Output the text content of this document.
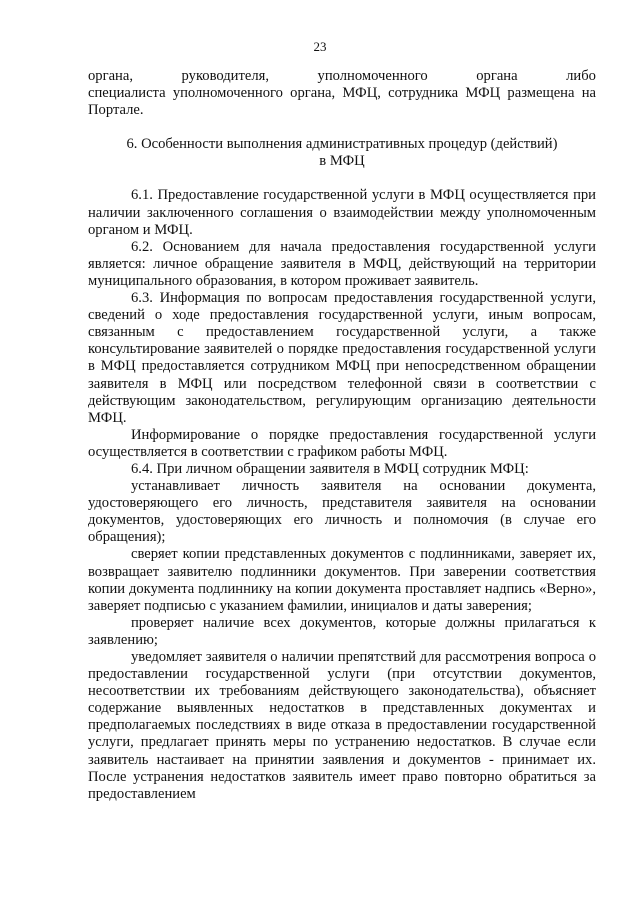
23
органа,	руководителя,	уполномоченного	органа	либо

специалиста уполномоченного органа, МФЦ, сотрудника МФЦ размещена на Портале.

6. Особенности выполнения административных процедур (действий)
в МФЦ

6.1. Предоставление государственной услуги в МФЦ осуществляется при наличии заключенного соглашения о взаимодействии между уполномоченным органом и МФЦ.

6.2. Основанием для начала предоставления государственной услуги является: личное обращение заявителя в МФЦ, действующий на территории муниципального образования, в котором проживает заявитель.

6.3. Информация по вопросам предоставления государственной услуги, сведений о ходе предоставления государственной услуги, иным вопросам, связанным с предоставлением государственной услуги, а также консультирование заявителей о порядке предоставления государственной услуги в МФЦ предоставляется сотрудником МФЦ при непосредственном обращении заявителя в МФЦ или посредством телефонной связи в соответствии с действующим законодательством, регулирующим организацию деятельности МФЦ.

Информирование о порядке предоставления государственной услуги осуществляется в соответствии с графиком работы МФЦ.

6.4. При личном обращении заявителя в МФЦ сотрудник МФЦ:

устанавливает личность заявителя на основании документа, удостоверяющего его личность, представителя заявителя на основании документов, удостоверяющих его личность и полномочия (в случае его обращения);

сверяет копии представленных документов с подлинниками, заверяет их, возвращает заявителю подлинники документов. При заверении соответствия копии документа подлиннику на копии документа проставляет надпись «Верно», заверяет подписью с указанием фамилии, инициалов и даты заверения;

проверяет наличие всех документов, которые должны прилагаться к заявлению;

уведомляет заявителя о наличии препятствий для рассмотрения вопроса о предоставлении государственной услуги (при отсутствии документов, несоответствии их требованиям действующего законодательства), объясняет содержание выявленных недостатков в представленных документах и предполагаемых последствиях в виде отказа в предоставлении государственной услуги, предлагает принять меры по устранению недостатков. В случае если заявитель настаивает на принятии заявления и документов - принимает их. После устранения недостатков заявитель имеет право повторно обратиться за предоставлением
